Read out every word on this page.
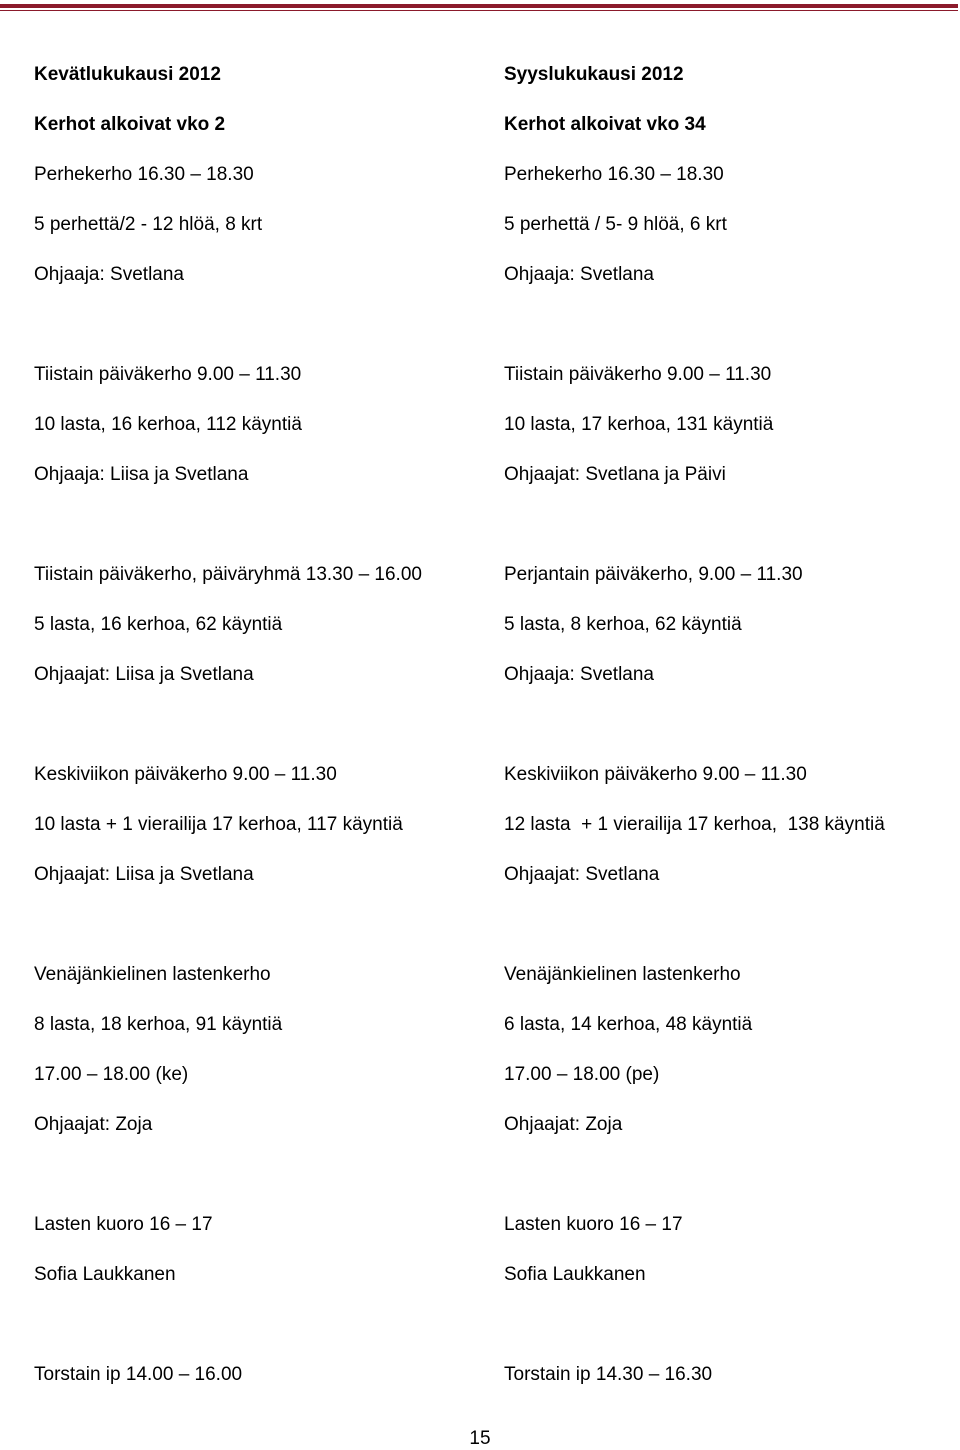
Kevätlukukausi 2012
Kerhot alkoivat vko 2
Perhekerho 16.30 – 18.30
5 perhettä/2 - 12 hlöä, 8 krt
Ohjaaja: Svetlana
Tiistain päiväkerho 9.00 – 11.30
10 lasta, 16 kerhoa, 112 käyntiä
Ohjaaja: Liisa ja Svetlana
Tiistain päiväkerho, päiväryhmä 13.30 – 16.00
5 lasta, 16 kerhoa, 62 käyntiä
Ohjaajat: Liisa ja Svetlana
Keskiviikon päiväkerho 9.00 – 11.30
10 lasta + 1 vierailija 17 kerhoa, 117 käyntiä
Ohjaajat: Liisa ja Svetlana
Venäjänkielinen lastenkerho
8 lasta, 18 kerhoa, 91 käyntiä
17.00 – 18.00 (ke)
Ohjaajat: Zoja
Lasten kuoro 16 – 17
Sofia Laukkanen
Torstain ip 14.00 – 16.00
Syyslukukausi 2012
Kerhot alkoivat vko 34
Perhekerho 16.30 – 18.30
5 perhettä / 5- 9 hlöä, 6 krt
Ohjaaja: Svetlana
Tiistain päiväkerho 9.00 – 11.30
10 lasta, 17 kerhoa, 131 käyntiä
Ohjaajat: Svetlana ja Päivi
Perjantain päiväkerho, 9.00 – 11.30
5 lasta, 8 kerhoa, 62 käyntiä
Ohjaaja: Svetlana
Keskiviikon päiväkerho 9.00 – 11.30
12 lasta  + 1 vierailija 17 kerhoa,  138 käyntiä
Ohjaajat: Svetlana
Venäjänkielinen lastenkerho
6 lasta, 14 kerhoa, 48 käyntiä
17.00 – 18.00 (pe)
Ohjaajat: Zoja
Lasten kuoro 16 – 17
Sofia Laukkanen
Torstain ip 14.30 – 16.30
15
